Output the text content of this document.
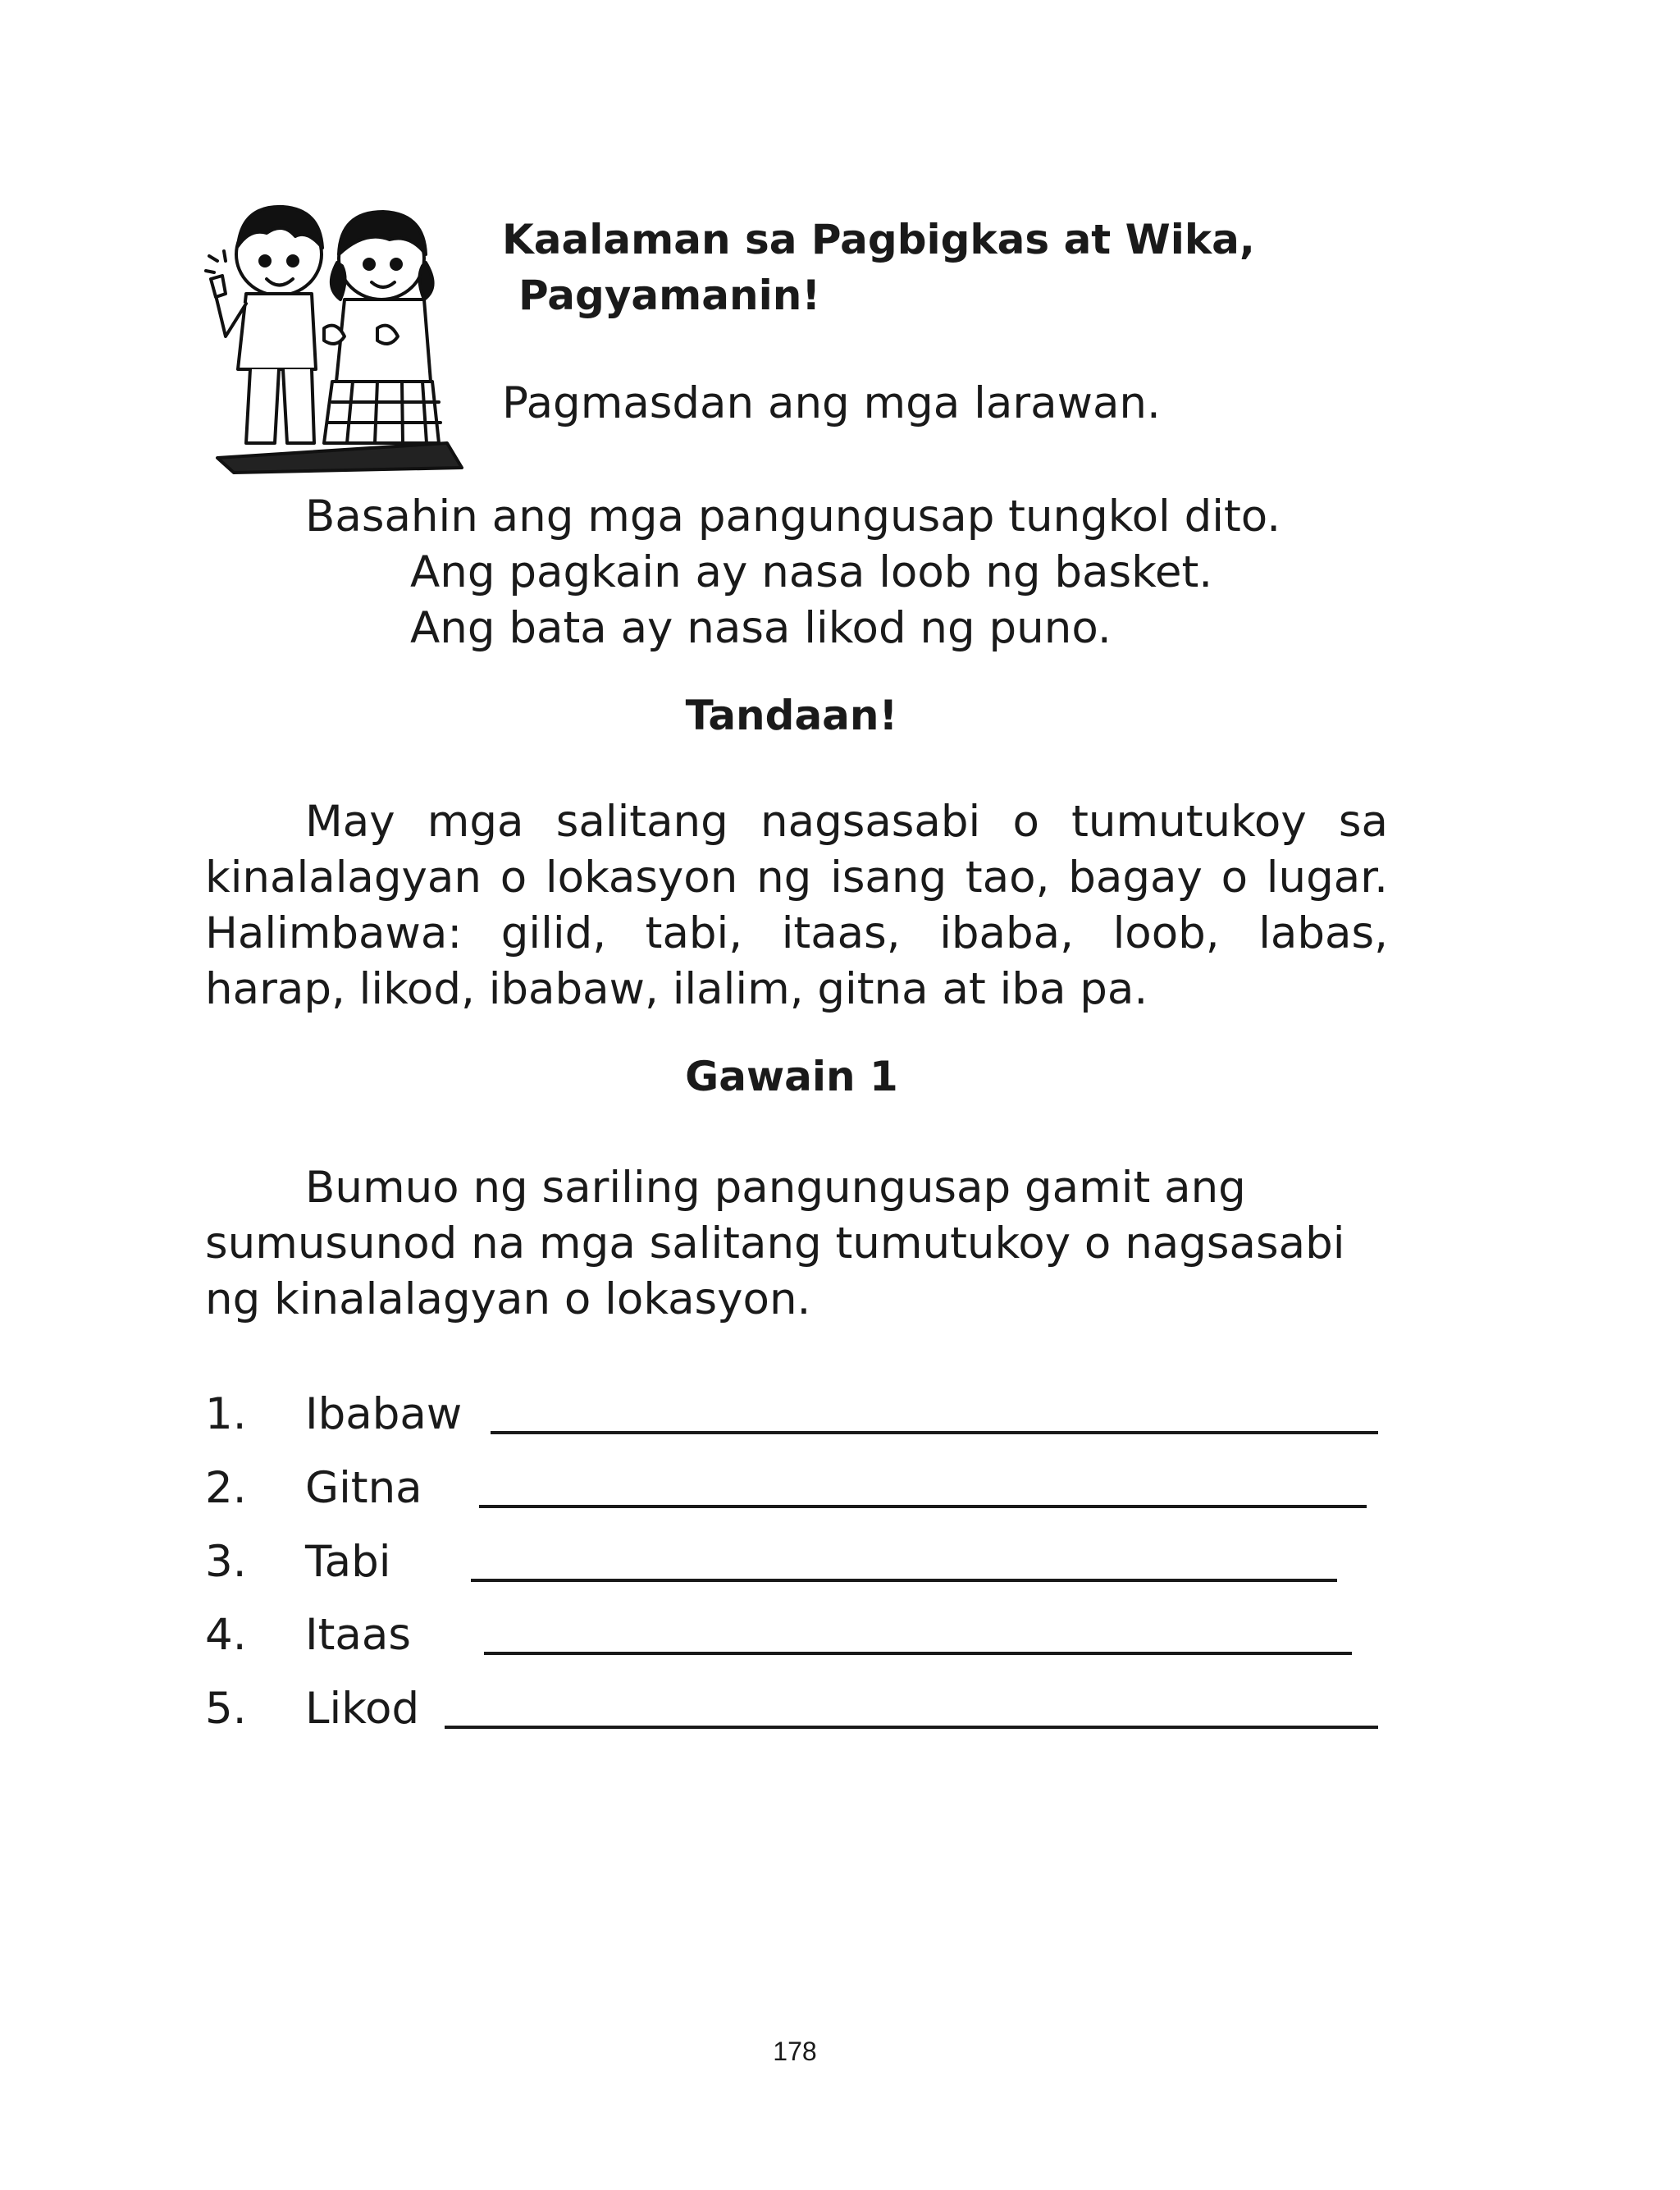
Kaalaman sa Pagbigkas at Wika,
Pagyamanin!
Pagmasdan ang mga larawan.
Basahin ang mga pangungusap tungkol dito.
Ang pagkain ay nasa loob ng basket.
Ang bata ay nasa likod ng puno.
Tandaan!
May mga salitang nagsasabi o tumutukoy sa
kinalalagyan o lokasyon ng isang tao, bagay o lugar.
Halimbawa: gilid, tabi, itaas, ibaba, loob, labas,
harap, likod, ibabaw, ilalim, gitna at iba pa.
Gawain 1
Bumuo ng sariling pangungusap gamit ang
sumusunod na mga salitang tumutukoy o nagsasabi
ng kinalalagyan o lokasyon.
1. Ibabaw
2. Gitna
3. Tabi
4. Itaas
5. Likod
178
